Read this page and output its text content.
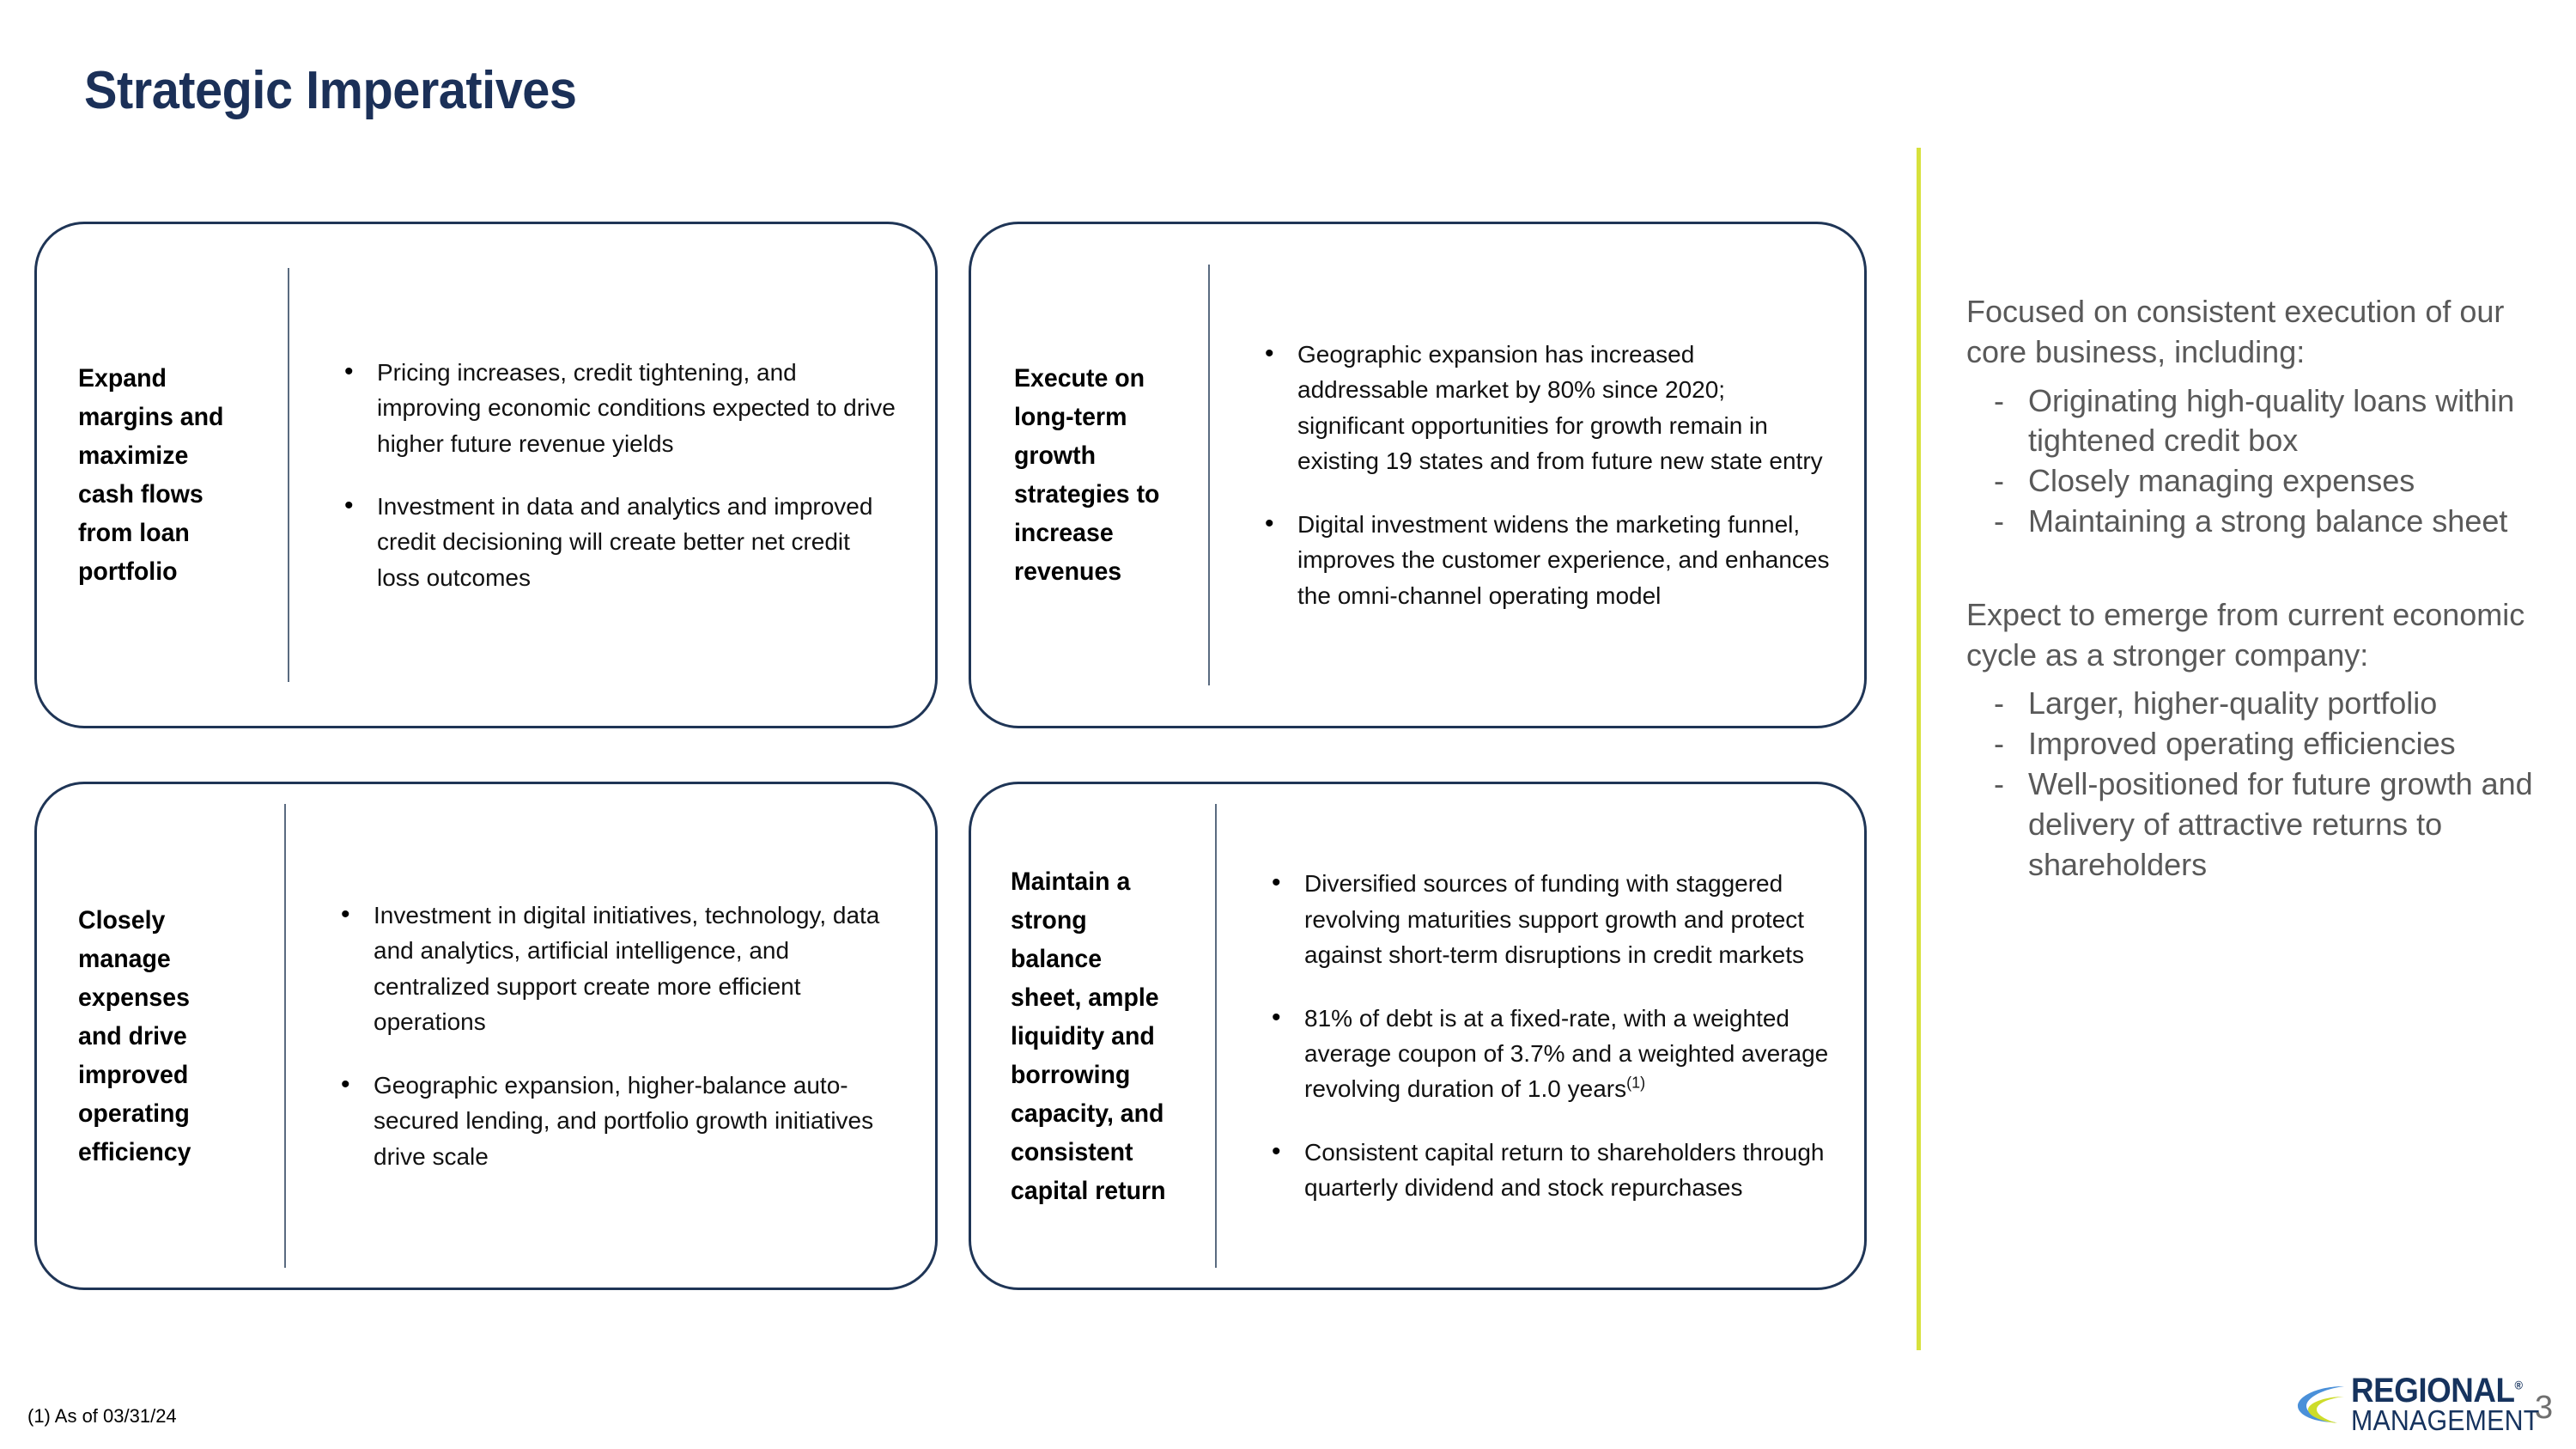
Strategic Imperatives
Expand margins and maximize cash flows from loan portfolio
• Pricing increases, credit tightening, and improving economic conditions expected to drive higher future revenue yields
• Investment in data and analytics and improved credit decisioning will create better net credit loss outcomes
Execute on long-term growth strategies to increase revenues
• Geographic expansion has increased addressable market by 80% since 2020; significant opportunities for growth remain in existing 19 states and from future new state entry
• Digital investment widens the marketing funnel, improves the customer experience, and enhances the omni-channel operating model
Closely manage expenses and drive improved operating efficiency
• Investment in digital initiatives, technology, data and analytics, artificial intelligence, and centralized support create more efficient operations
• Geographic expansion, higher-balance auto-secured lending, and portfolio growth initiatives drive scale
Maintain a strong balance sheet, ample liquidity and borrowing capacity, and consistent capital return
• Diversified sources of funding with staggered revolving maturities support growth and protect against short-term disruptions in credit markets
• 81% of debt is at a fixed-rate, with a weighted average coupon of 3.7% and a weighted average revolving duration of 1.0 years$^{(1)}$
• Consistent capital return to shareholders through quarterly dividend and stock repurchases
Focused on consistent execution of our core business, including:
- Originating high-quality loans within tightened credit box
- Closely managing expenses
- Maintaining a strong balance sheet
Expect to emerge from current economic cycle as a stronger company:
- Larger, higher-quality portfolio
- Improved operating efficiencies
- Well-positioned for future growth and delivery of attractive returns to shareholders
(1) As of 03/31/24
REGIONAL®
MANAGEMENT
3
